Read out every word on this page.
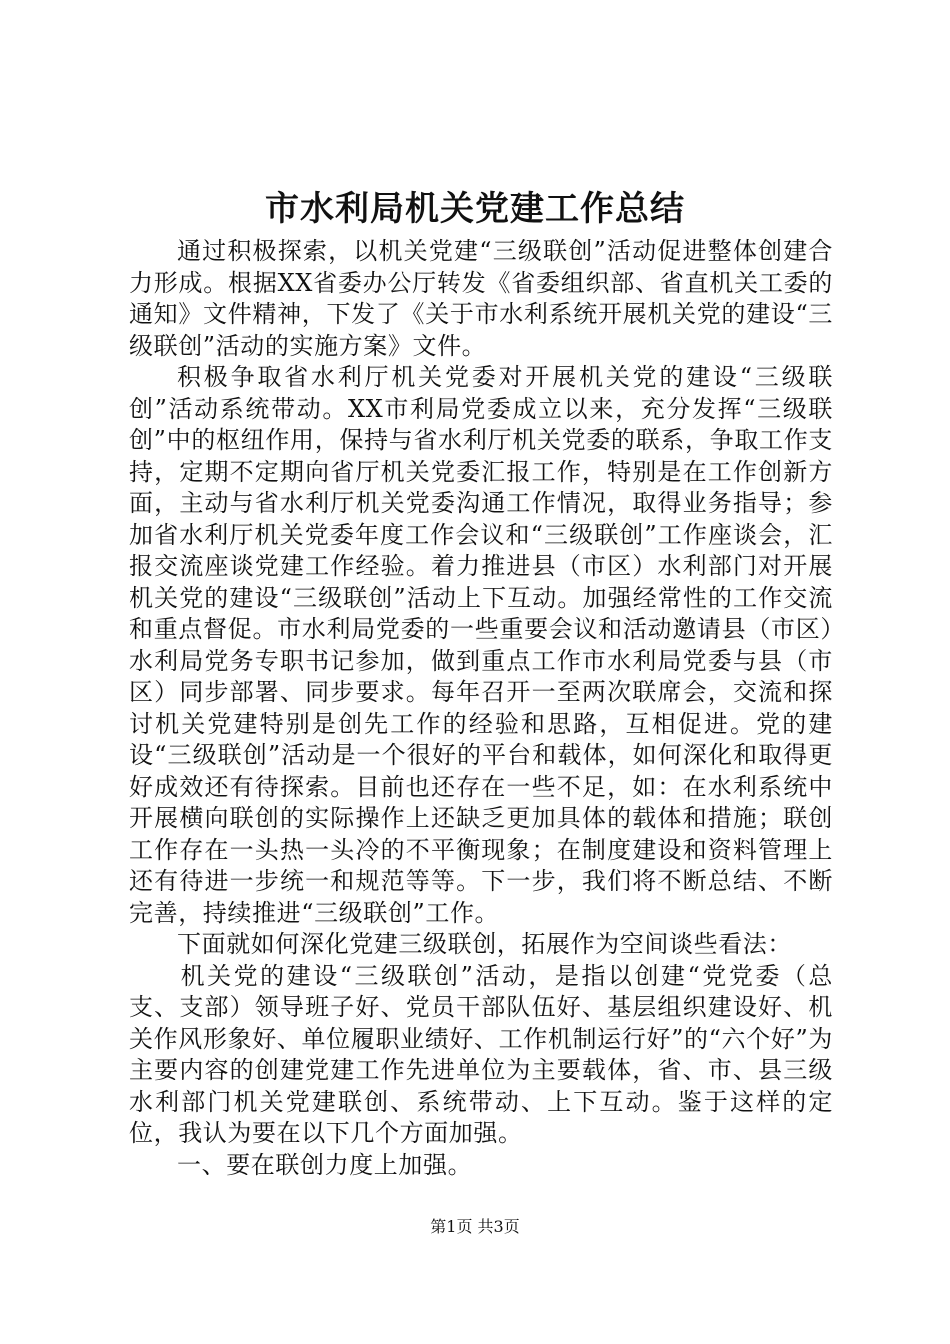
市水利局机关党建工作总结

通过积极探索，以机关党建“三级联创”活动促进整体创建合力形成。根据XX省委办公厅转发《省委组织部、省直机关工委的通知》文件精神，下发了《关于市水利系统开展机关党的建设“三级联创”活动的实施方案》文件。

积极争取省水利厅机关党委对开展机关党的建设“三级联创”活动系统带动。XX市利局党委成立以来，充分发挥“三级联创”中的枢纽作用，保持与省水利厅机关党委的联系，争取工作支持，定期不定期向省厅机关党委汇报工作，特别是在工作创新方面，主动与省水利厅机关党委沟通工作情况，取得业务指导；参加省水利厅机关党委年度工作会议和“三级联创”工作座谈会，汇报交流座谈党建工作经验。着力推进县（市区）水利部门对开展机关党的建设“三级联创”活动上下互动。加强经常性的工作交流和重点督促。市水利局党委的一些重要会议和活动邀请县（市区）水利局党务专职书记参加，做到重点工作市水利局党委与县（市区）同步部署、同步要求。每年召开一至两次联席会，交流和探讨机关党建特别是创先工作的经验和思路，互相促进。党的建设“三级联创”活动是一个很好的平台和载体，如何深化和取得更好成效还有待探索。目前也还存在一些不足，如：在水利系统中开展横向联创的实际操作上还缺乏更加具体的载体和措施；联创工作存在一头热一头冷的不平衡现象；在制度建设和资料管理上还有待进一步统一和规范等等。下一步，我们将不断总结、不断完善，持续推进“三级联创”工作。

下面就如何深化党建三级联创，拓展作为空间谈些看法：

机关党的建设“三级联创”活动，是指以创建“党党委（总支、支部）领导班子好、党员干部队伍好、基层组织建设好、机关作风形象好、单位履职业绩好、工作机制运行好”的“六个好”为主要内容的创建党建工作先进单位为主要载体，省、市、县三级水利部门机关党建联创、系统带动、上下互动。鉴于这样的定位，我认为要在以下几个方面加强。

一、要在联创力度上加强。

第1页 共3页
